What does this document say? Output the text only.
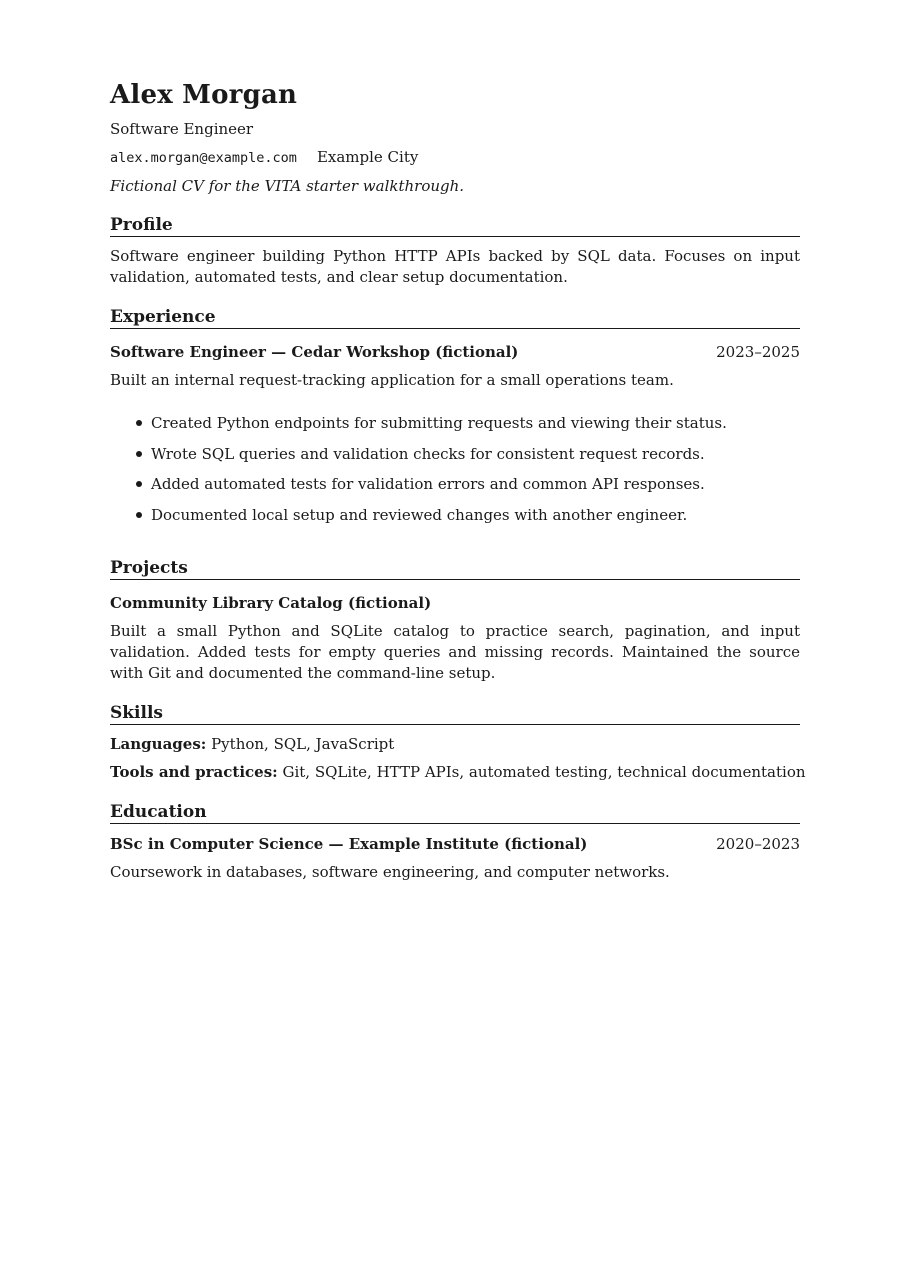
Alex Morgan
Software Engineer
alex.morgan@example.com Example City
Fictional CV for the VITA starter walkthrough.
Profile
Software engineer building Python HTTP APIs backed by SQL data. Focuses on input validation, automated tests, and clear setup documentation.
Experience
Software Engineer — Cedar Workshop (fictional)	2023–2025
Built an internal request-tracking application for a small operations team.
Created Python endpoints for submitting requests and viewing their status.
Wrote SQL queries and validation checks for consistent request records.
Added automated tests for validation errors and common API responses.
Documented local setup and reviewed changes with another engineer.
Projects
Community Library Catalog (fictional)
Built a small Python and SQLite catalog to practice search, pagination, and input validation. Added tests for empty queries and missing records. Maintained the source with Git and documented the command-line setup.
Skills
Languages: Python, SQL, JavaScript
Tools and practices: Git, SQLite, HTTP APIs, automated testing, technical documentation
Education
BSc in Computer Science — Example Institute (fictional)	2020–2023
Coursework in databases, software engineering, and computer networks.
